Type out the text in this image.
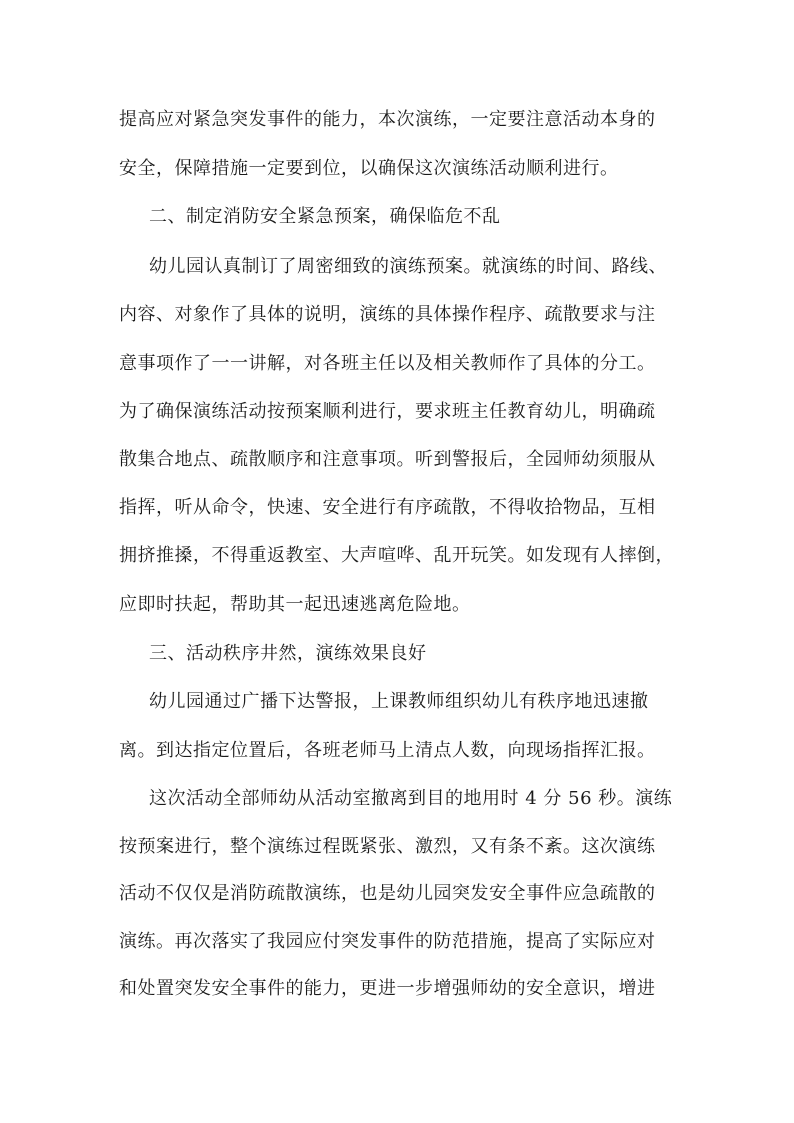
提高应对紧急突发事件的能力，本次演练，一定要注意活动本身的
安全，保障措施一定要到位，以确保这次演练活动顺利进行。
二、制定消防安全紧急预案，确保临危不乱
幼儿园认真制订了周密细致的演练预案。就演练的时间、路线、
内容、对象作了具体的说明，演练的具体操作程序、疏散要求与注
意事项作了一一讲解，对各班主任以及相关教师作了具体的分工。
为了确保演练活动按预案顺利进行，要求班主任教育幼儿，明确疏
散集合地点、疏散顺序和注意事项。听到警报后，全园师幼须服从
指挥，听从命令，快速、安全进行有序疏散，不得收拾物品，互相
拥挤推搡，不得重返教室、大声喧哗、乱开玩笑。如发现有人摔倒，
应即时扶起，帮助其一起迅速逃离危险地。
三、活动秩序井然，演练效果良好
幼儿园通过广播下达警报，上课教师组织幼儿有秩序地迅速撤
离。到达指定位置后，各班老师马上清点人数，向现场指挥汇报。
这次活动全部师幼从活动室撤离到目的地用时 4 分 56 秒。演练
按预案进行，整个演练过程既紧张、激烈，又有条不紊。这次演练
活动不仅仅是消防疏散演练，也是幼儿园突发安全事件应急疏散的
演练。再次落实了我园应付突发事件的防范措施，提高了实际应对
和处置突发安全事件的能力，更进一步增强师幼的安全意识，增进
